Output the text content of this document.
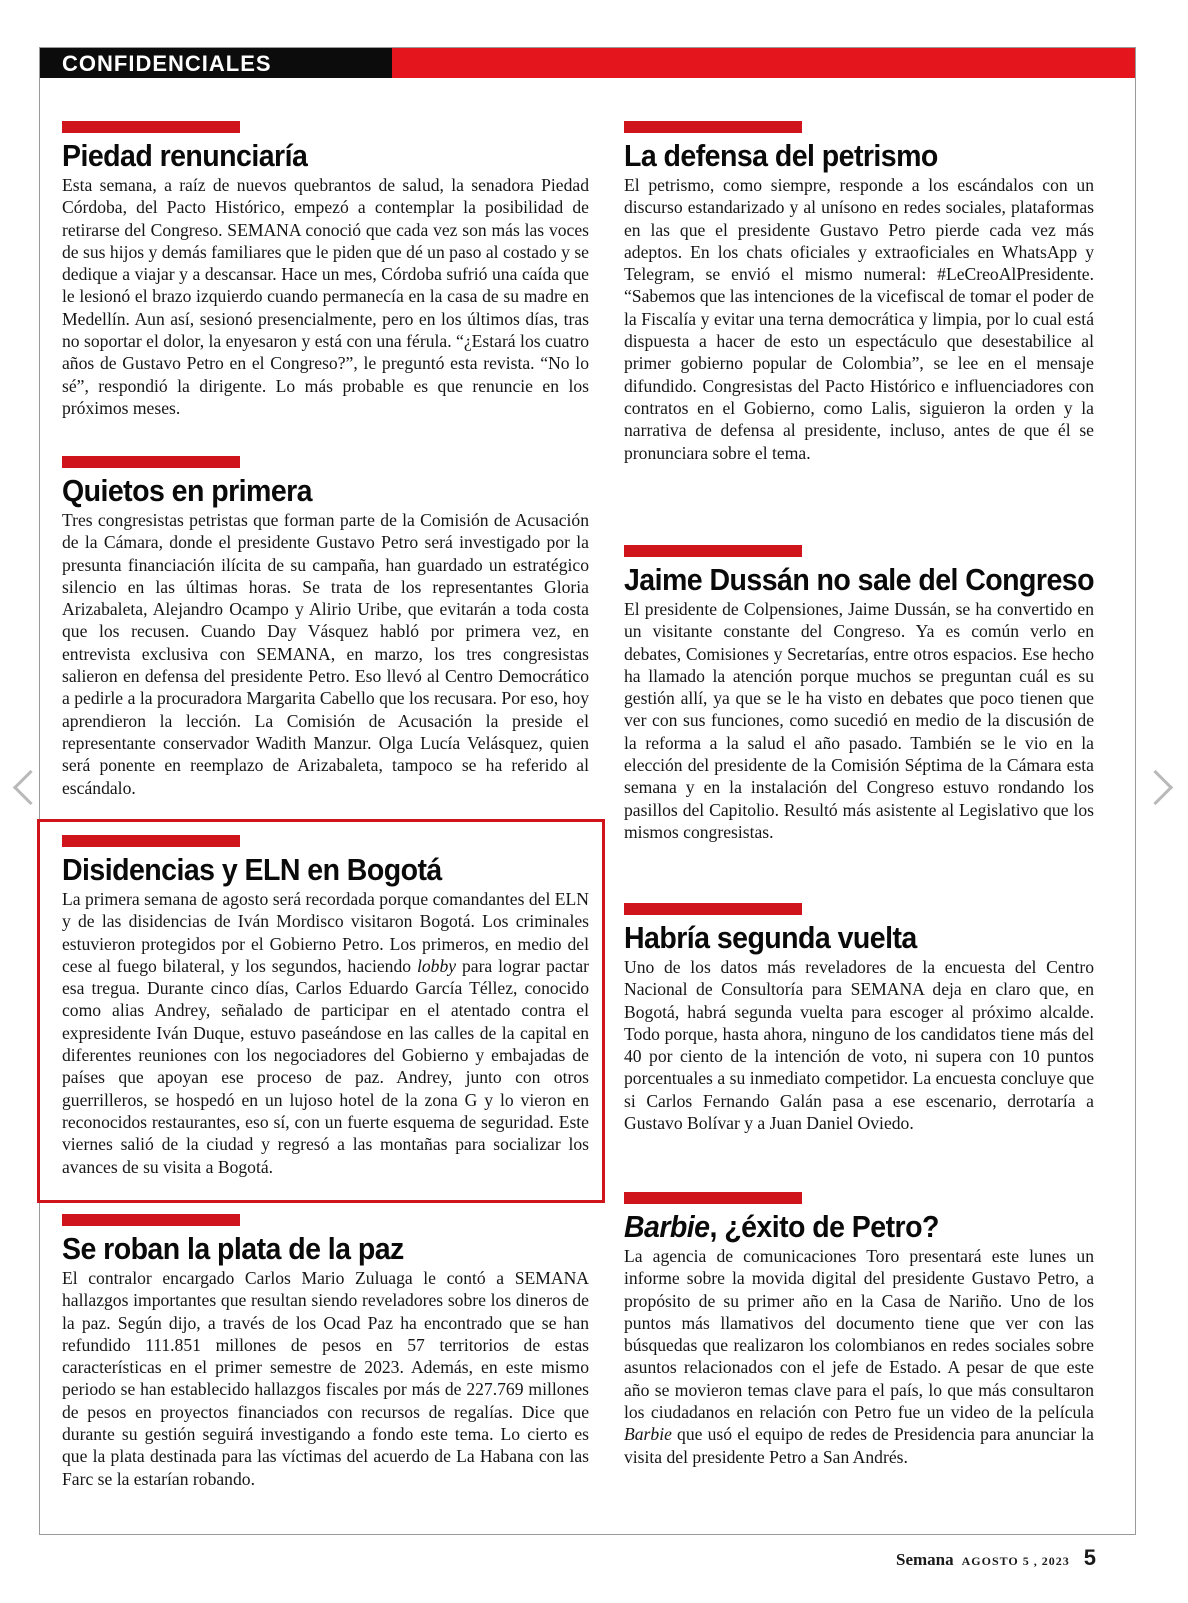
CONFIDENCIALES
Piedad renunciaría

Esta semana, a raíz de nuevos quebrantos de salud, la senadora Piedad Córdoba, del Pacto Histórico, empezó a contemplar la posibilidad de retirarse del Congreso. SEMANA conoció que cada vez son más las voces de sus hijos y demás familiares que le piden que dé un paso al costado y se dedique a viajar y a descansar. Hace un mes, Córdoba sufrió una caída que le lesionó el brazo izquierdo cuando permanecía en la casa de su madre en Medellín. Aun así, sesionó presencialmente, pero en los últimos días, tras no soportar el dolor, la enyesaron y está con una férula. “¿Estará los cuatro años de Gustavo Petro en el Congreso?”, le preguntó esta revista. “No lo sé”, respondió la dirigente. Lo más probable es que renuncie en los próximos meses.

Quietos en primera

Tres congresistas petristas que forman parte de la Comisión de Acusación de la Cámara, donde el presidente Gustavo Petro será investigado por la presunta financiación ilícita de su campaña, han guardado un estratégico silencio en las últimas horas. Se trata de los representantes Gloria Arizabaleta, Alejandro Ocampo y Alirio Uribe, que evitarán a toda costa que los recusen. Cuando Day Vásquez habló por primera vez, en entrevista exclusiva con SEMANA, en marzo, los tres congresistas salieron en defensa del presidente Petro. Eso llevó al Centro Democrático a pedirle a la procuradora Margarita Cabello que los recusara. Por eso, hoy aprendieron la lección. La Comisión de Acusación la preside el representante conservador Wadith Manzur. Olga Lucía Velásquez, quien será ponente en reemplazo de Arizabaleta, tampoco se ha referido al escándalo.

Disidencias y ELN en Bogotá

La primera semana de agosto será recordada porque comandantes del ELN y de las disidencias de Iván Mordisco visitaron Bogotá. Los criminales estuvieron protegidos por el Gobierno Petro. Los primeros, en medio del cese al fuego bilateral, y los segundos, haciendo lobby para lograr pactar esa tregua. Durante cinco días, Carlos Eduardo García Téllez, conocido como alias Andrey, señalado de participar en el atentado contra el expresidente Iván Duque, estuvo paseándose en las calles de la capital en diferentes reuniones con los negociadores del Gobierno y embajadas de países que apoyan ese proceso de paz. Andrey, junto con otros guerrilleros, se hospedó en un lujoso hotel de la zona G y lo vieron en reconocidos restaurantes, eso sí, con un fuerte esquema de seguridad. Este viernes salió de la ciudad y regresó a las montañas para socializar los avances de su visita a Bogotá.

Se roban la plata de la paz

El contralor encargado Carlos Mario Zuluaga le contó a SEMANA hallazgos importantes que resultan siendo reveladores sobre los dineros de la paz. Según dijo, a través de los Ocad Paz ha encontrado que se han refundido 111.851 millones de pesos en 57 territorios de estas características en el primer semestre de 2023. Además, en este mismo periodo se han establecido hallazgos fiscales por más de 227.769 millones de pesos en proyectos financiados con recursos de regalías. Dice que durante su gestión seguirá investigando a fondo este tema. Lo cierto es que la plata destinada para las víctimas del acuerdo de La Habana con las Farc se la estarían robando.

La defensa del petrismo

El petrismo, como siempre, responde a los escándalos con un discurso estandarizado y al unísono en redes sociales, plataformas en las que el presidente Gustavo Petro pierde cada vez más adeptos. En los chats oficiales y extraoficiales en WhatsApp y Telegram, se envió el mismo numeral: #LeCreoAlPresidente. “Sabemos que las intenciones de la vicefiscal de tomar el poder de la Fiscalía y evitar una terna democrática y limpia, por lo cual está dispuesta a hacer de esto un espectáculo que desestabilice al primer gobierno popular de Colombia”, se lee en el mensaje difundido. Congresistas del Pacto Histórico e influenciadores con contratos en el Gobierno, como Lalis, siguieron la orden y la narrativa de defensa al presidente, incluso, antes de que él se pronunciara sobre el tema.

Jaime Dussán no sale del Congreso

El presidente de Colpensiones, Jaime Dussán, se ha convertido en un visitante constante del Congreso. Ya es común verlo en debates, Comisiones y Secretarías, entre otros espacios. Ese hecho ha llamado la atención porque muchos se preguntan cuál es su gestión allí, ya que se le ha visto en debates que poco tienen que ver con sus funciones, como sucedió en medio de la discusión de la reforma a la salud el año pasado. También se le vio en la elección del presidente de la Comisión Séptima de la Cámara esta semana y en la instalación del Congreso estuvo rondando los pasillos del Capitolio. Resultó más asistente al Legislativo que los mismos congresistas.

Habría segunda vuelta

Uno de los datos más reveladores de la encuesta del Centro Nacional de Consultoría para SEMANA deja en claro que, en Bogotá, habrá segunda vuelta para escoger al próximo alcalde. Todo porque, hasta ahora, ninguno de los candidatos tiene más del 40 por ciento de la intención de voto, ni supera con 10 puntos porcentuales a su inmediato competidor. La encuesta concluye que si Carlos Fernando Galán pasa a ese escenario, derrotaría a Gustavo Bolívar y a Juan Daniel Oviedo.

Barbie, ¿éxito de Petro?

La agencia de comunicaciones Toro presentará este lunes un informe sobre la movida digital del presidente Gustavo Petro, a propósito de su primer año en la Casa de Nariño. Uno de los puntos más llamativos del documento tiene que ver con las búsquedas que realizaron los colombianos en redes sociales sobre asuntos relacionados con el jefe de Estado. A pesar de que este año se movieron temas clave para el país, lo que más consultaron los ciudadanos en relación con Petro fue un video de la película Barbie que usó el equipo de redes de Presidencia para anunciar la visita del presidente Petro a San Andrés.

Semana AGOSTO 5 , 2023 5
